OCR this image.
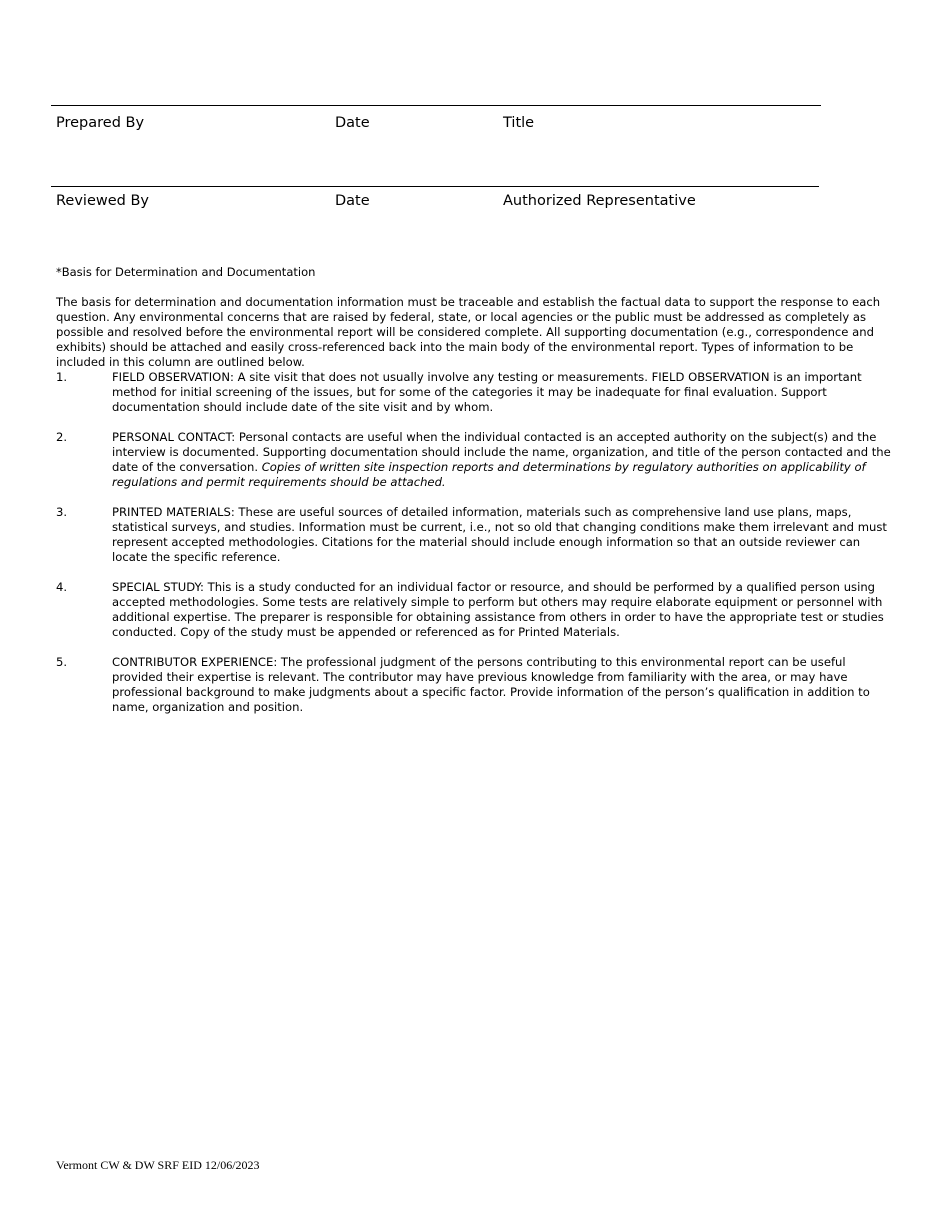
Prepared By	Date	Title
Reviewed By	Date	Authorized Representative
*Basis for Determination and Documentation
The basis for determination and documentation information must be traceable and establish the factual data to support the response to each question. Any environmental concerns that are raised by federal, state, or local agencies or the public must be addressed as completely as possible and resolved before the environmental report will be considered complete. All supporting documentation (e.g., correspondence and exhibits) should be attached and easily cross-referenced back into the main body of the environmental report. Types of information to be included in this column are outlined below.
1.	FIELD OBSERVATION: A site visit that does not usually involve any testing or measurements. FIELD OBSERVATION is an important method for initial screening of the issues, but for some of the categories it may be inadequate for final evaluation. Support documentation should include date of the site visit and by whom.
2.	PERSONAL CONTACT: Personal contacts are useful when the individual contacted is an accepted authority on the subject(s) and the interview is documented. Supporting documentation should include the name, organization, and title of the person contacted and the date of the conversation. Copies of written site inspection reports and determinations by regulatory authorities on applicability of regulations and permit requirements should be attached.
3.	PRINTED MATERIALS: These are useful sources of detailed information, materials such as comprehensive land use plans, maps, statistical surveys, and studies. Information must be current, i.e., not so old that changing conditions make them irrelevant and must represent accepted methodologies. Citations for the material should include enough information so that an outside reviewer can locate the specific reference.
4.	SPECIAL STUDY: This is a study conducted for an individual factor or resource, and should be performed by a qualified person using accepted methodologies. Some tests are relatively simple to perform but others may require elaborate equipment or personnel with additional expertise. The preparer is responsible for obtaining assistance from others in order to have the appropriate test or studies conducted. Copy of the study must be appended or referenced as for Printed Materials.
5.	CONTRIBUTOR EXPERIENCE: The professional judgment of the persons contributing to this environmental report can be useful provided their expertise is relevant. The contributor may have previous knowledge from familiarity with the area, or may have professional background to make judgments about a specific factor. Provide information of the person’s qualification in addition to name, organization and position.
Vermont CW & DW SRF EID 12/06/2023
